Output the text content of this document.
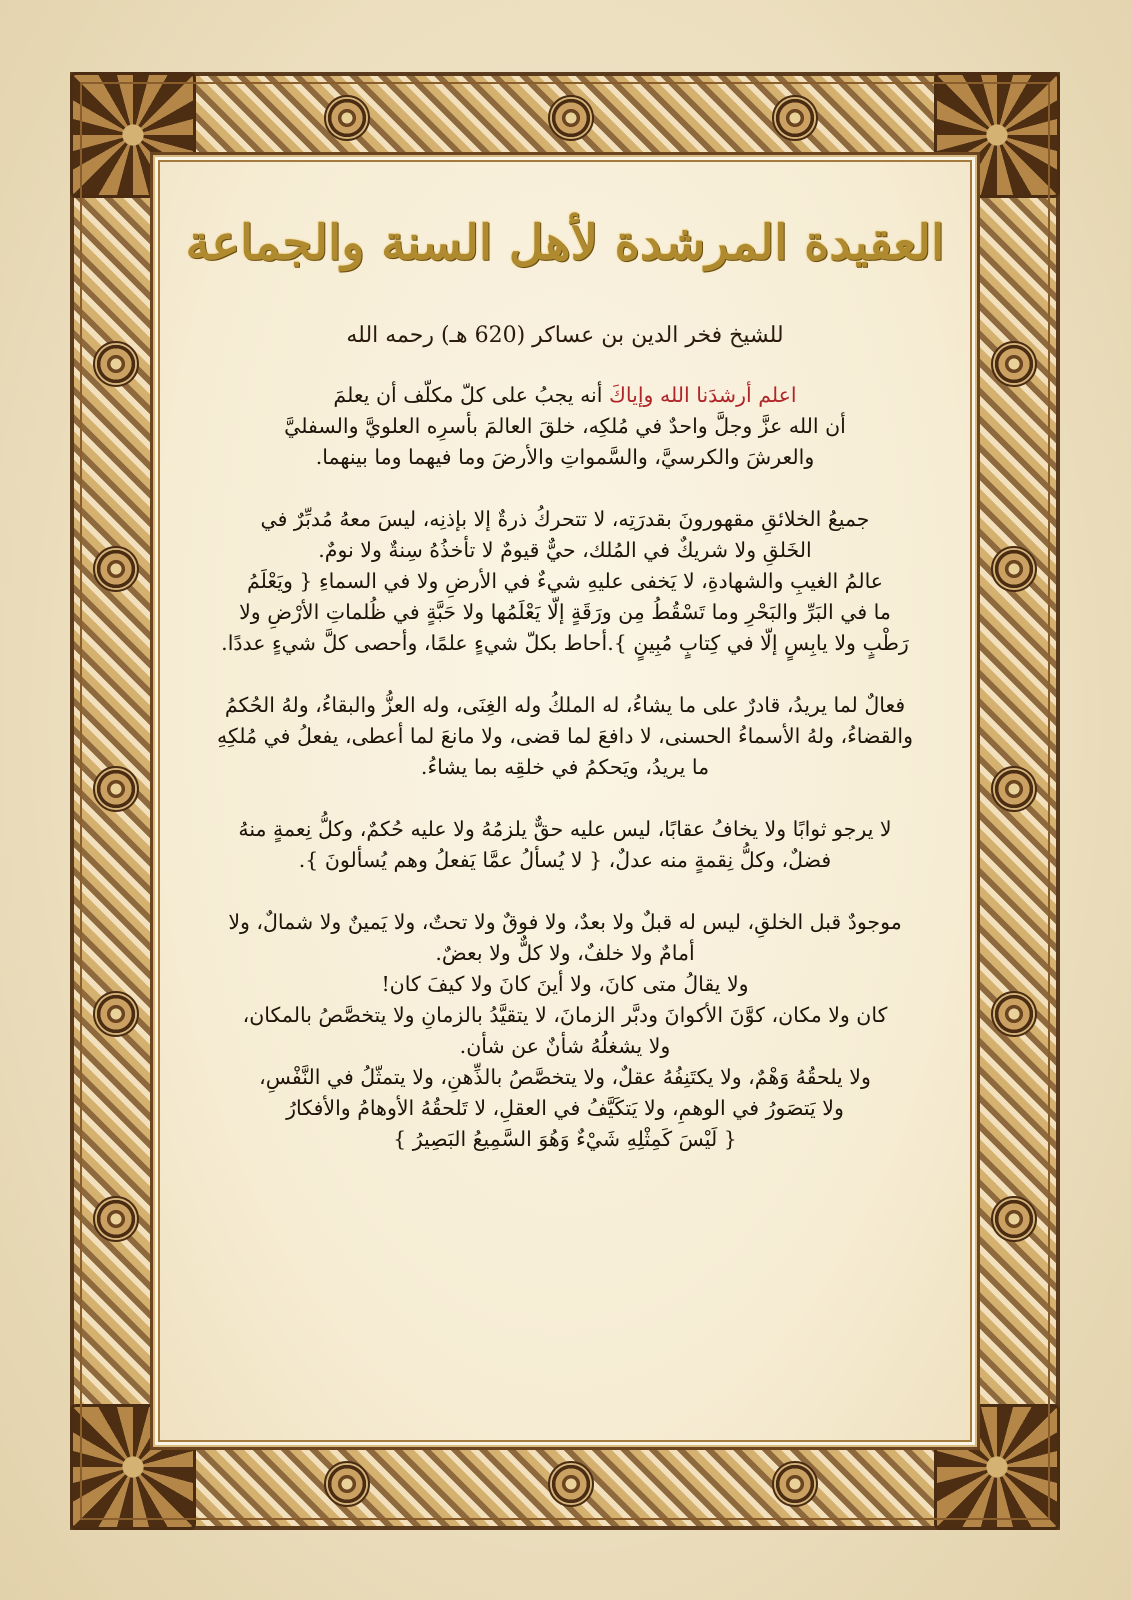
العقيدة المرشدة لأهل السنة والجماعة
للشيخ فخر الدين بن عساكر (620 هـ) رحمه الله
اعلم أرشدَنا الله وإياكَ أنه يجبُ على كلّ مكلّف أن يعلمَ
أن الله عزَّ وجلَّ واحدٌ في مُلكِه، خلقَ العالمَ بأسرِه العلويَّ والسفليَّ
والعرشَ والكرسيَّ، والسَّمواتِ والأرضَ وما فيهما وما بينهما.
جميعُ الخلائقِ مقهورونَ بقدرَتِه، لا تتحركُ ذرةٌ إلا بإذنِه، ليسَ معهُ مُدبِّرٌ في
الخَلقِ ولا شريكٌ في المُلك، حيٌّ قيومٌ لا تأخذُهُ سِنةٌ ولا نومٌ.
عالمُ الغيبِ والشهادةِ، لا يَخفى عليهِ شيءٌ في الأرضِ ولا في السماءِ { ويَعْلَمُ
ما في البَرِّ والبَحْرِ وما تَسْقُطُ مِن ورَقَةٍ إلّا يَعْلَمُها ولا حَبَّةٍ في ظُلماتِ الأرْضِ ولا
رَطْبٍ ولا يابِسٍ إلّا في كِتابٍ مُبِينٍ }.أحاط بكلّ شيءٍ علمًا، وأحصى كلَّ شيءٍ عددًا.
فعالٌ لما يريدُ، قادرٌ على ما يشاءُ، له الملكُ وله الغِنَى، وله العزُّ والبقاءُ، ولهُ الحُكمُ
والقضاءُ، ولهُ الأسماءُ الحسنى، لا دافعَ لما قضى، ولا مانعَ لما أعطى، يفعلُ في مُلكِهِ
ما يريدُ، ويَحكمُ في خلقِه بما يشاءُ.
لا يرجو ثوابًا ولا يخافُ عقابًا، ليس عليه حقٌّ يلزمُهُ ولا عليه حُكمٌ، وكلُّ نِعمةٍ منهُ
فضلٌ، وكلُّ نِقمةٍ منه عدلٌ، { لا يُسألُ عمَّا يَفعلُ وهم يُسألونَ }.
موجودٌ قبل الخلقِ، ليس له قبلٌ ولا بعدٌ، ولا فوقٌ ولا تحتٌ، ولا يَمينٌ ولا شمالٌ، ولا
أمامٌ ولا خلفٌ، ولا كلٌّ ولا بعضٌ.
ولا يقالُ متى كانَ، ولا أينَ كانَ ولا كيفَ كان!
كان ولا مكان، كوَّنَ الأكوانَ ودبَّر الزمانَ، لا يتقيَّدُ بالزمانِ ولا يتخصَّصُ بالمكان،
ولا يشغلُهُ شأنٌ عن شأن.
ولا يلحقُهُ وَهْمٌ، ولا يكتَنِفُهُ عقلٌ، ولا يتخصَّصُ بالذِّهنِ، ولا يتمثّلُ في النَّفْسِ،
ولا يَتصَورُ في الوهمِ، ولا يَتكَيَّفُ في العقلِ، لا تَلحقُهُ الأوهامُ والأفكارُ
{ لَيْسَ كَمِثْلِهِ شَيْءٌ وَهُوَ السَّمِيعُ البَصِيرُ }
